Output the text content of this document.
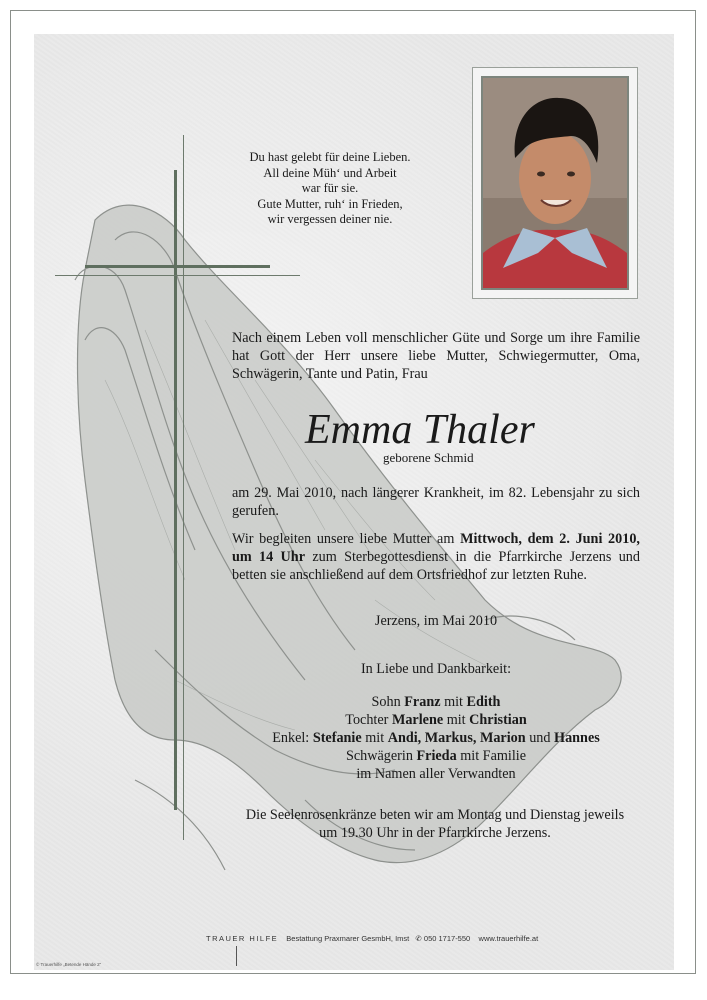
Du hast gelebt für deine Lieben.
All deine Müh‘ und Arbeit
war für sie.
Gute Mutter, ruh‘ in Frieden,
wir vergessen deiner nie.

Nach einem Leben voll menschlicher Güte und Sorge um ihre Familie hat Gott der Herr unsere liebe Mutter, Schwiegermutter, Oma, Schwägerin, Tante und Patin, Frau

Emma Thaler
geborene Schmid

am 29. Mai 2010, nach längerer Krankheit, im 82. Lebensjahr zu sich gerufen.

Wir begleiten unsere liebe Mutter am Mittwoch, dem 2. Juni 2010, um 14 Uhr zum Sterbegottesdienst in die Pfarrkirche Jerzens und betten sie anschließend auf dem Ortsfriedhof zur letzten Ruhe.

Jerzens, im Mai 2010
In Liebe und Dankbarkeit:
Sohn Franz mit Edith
Tochter Marlene mit Christian
Enkel: Stefanie mit Andi, Markus, Marion und Hannes
Schwägerin Frieda mit Familie
im Namen aller Verwandten
Die Seelenrosenkränze beten wir am Montag und Dienstag jeweils
um 19.30 Uhr in der Pfarrkirche Jerzens.
TRAUER HILFE Bestattung Praxmarer GesmbH, Imst ✆ 050 1717-550 www.trauerhilfe.at
© Trauerhilfe „Betende Hände 2“
